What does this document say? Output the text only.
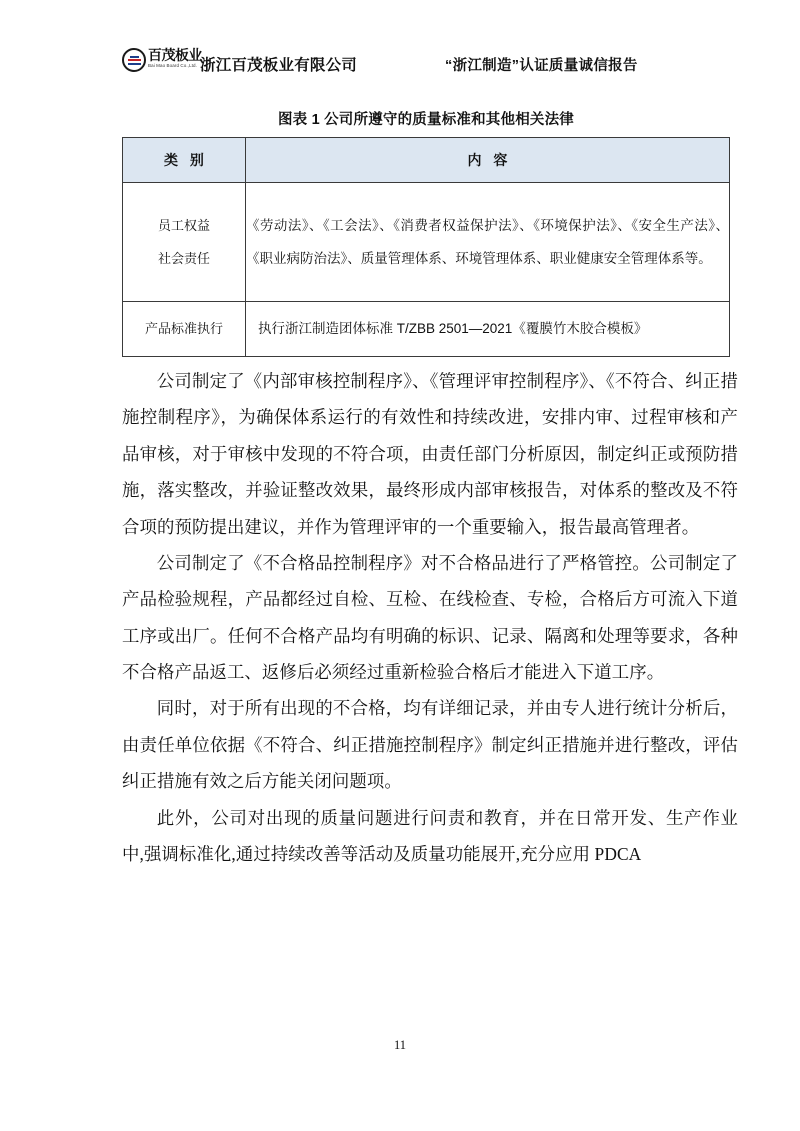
百茂板业
Bai Mao Board Co.,Ltd. 浙江百茂板业有限公司	“浙江制造”认证质量诚信报告
图表 1 公司所遵守的质量标准和其他相关法律
类 别	内 容

员工权益
社会责任	《劳动法》、《工会法》、《消费者权益保护法》、《环境保护法》、《安全生产法》、《职业病防治法》、质量管理体系、环境管理体系、职业健康安全管理体系等。

产品标准执行	执行浙江制造团体标准 T/ZBB 2501—2021《覆膜竹木胶合模板》

公司制定了《内部审核控制程序》、《管理评审控制程序》、《不符合、纠正措施控制程序》，为确保体系运行的有效性和持续改进，安排内审、过程审核和产品审核，对于审核中发现的不符合项，由责任部门分析原因，制定纠正或预防措施，落实整改，并验证整改效果，最终形成内部审核报告，对体系的整改及不符合项的预防提出建议，并作为管理评审的一个重要输入，报告最高管理者。

公司制定了《不合格品控制程序》对不合格品进行了严格管控。公司制定了产品检验规程，产品都经过自检、互检、在线检查、专检，合格后方可流入下道工序或出厂。任何不合格产品均有明确的标识、记录、隔离和处理等要求，各种不合格产品返工、返修后必须经过重新检验合格后才能进入下道工序。

同时，对于所有出现的不合格，均有详细记录，并由专人进行统计分析后，由责任单位依据《不符合、纠正措施控制程序》制定纠正措施并进行整改，评估纠正措施有效之后方能关闭问题项。

此外，公司对出现的质量问题进行问责和教育，并在日常开发、生产作业中,强调标准化,通过持续改善等活动及质量功能展开,充分应用 PDCA

11
